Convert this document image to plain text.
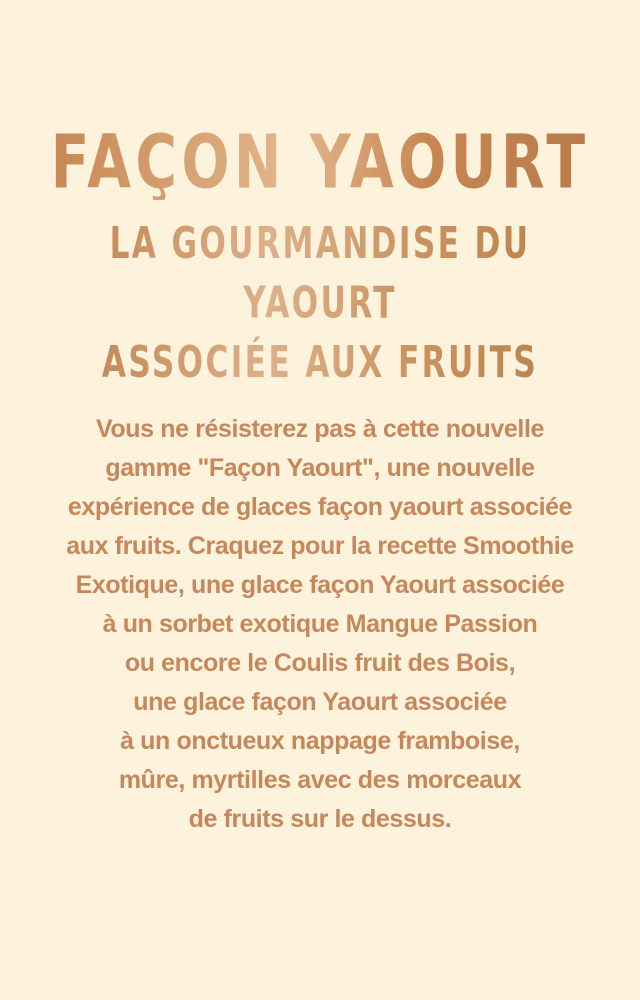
FAÇON YAOURT
LA GOURMANDISE DU YAOURT
ASSOCIÉE AUX FRUITS
Vous ne résisterez pas à cette nouvelle
gamme "Façon Yaourt", une nouvelle
expérience de glaces façon yaourt associée
aux fruits. Craquez pour la recette Smoothie
Exotique, une glace façon Yaourt associée
à un sorbet exotique Mangue Passion
ou encore le Coulis fruit des Bois,
une glace façon Yaourt associée
à un onctueux nappage framboise,
mûre, myrtilles avec des morceaux
de fruits sur le dessus.
